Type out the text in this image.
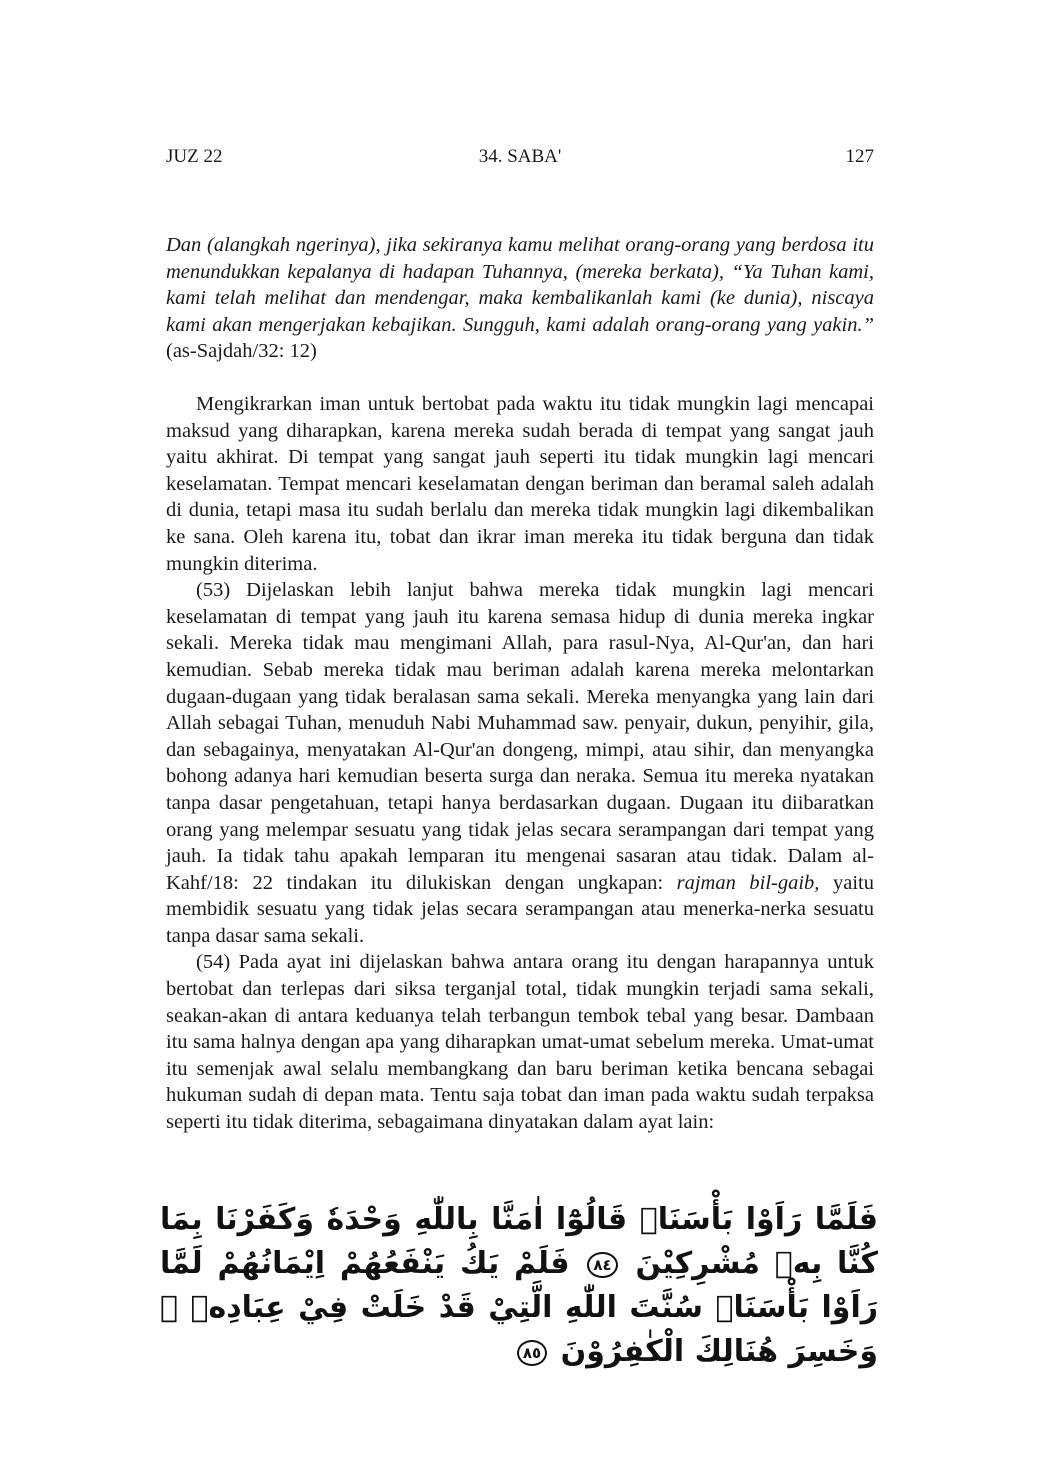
JUZ 22	34. SABA'	127
Dan (alangkah ngerinya), jika sekiranya kamu melihat orang-orang yang berdosa itu menundukkan kepalanya di hadapan Tuhannya, (mereka berkata), “Ya Tuhan kami, kami telah melihat dan mendengar, maka kembalikanlah kami (ke dunia), niscaya kami akan mengerjakan kebajikan. Sungguh, kami adalah orang-orang yang yakin.” (as-Sajdah/32: 12)

Mengikrarkan iman untuk bertobat pada waktu itu tidak mungkin lagi mencapai maksud yang diharapkan, karena mereka sudah berada di tempat yang sangat jauh yaitu akhirat. Di tempat yang sangat jauh seperti itu tidak mungkin lagi mencari keselamatan. Tempat mencari keselamatan dengan beriman dan beramal saleh adalah di dunia, tetapi masa itu sudah berlalu dan mereka tidak mungkin lagi dikembalikan ke sana. Oleh karena itu, tobat dan ikrar iman mereka itu tidak berguna dan tidak mungkin diterima.

(53) Dijelaskan lebih lanjut bahwa mereka tidak mungkin lagi mencari keselamatan di tempat yang jauh itu karena semasa hidup di dunia mereka ingkar sekali. Mereka tidak mau mengimani Allah, para rasul-Nya, Al-Qur'an, dan hari kemudian. Sebab mereka tidak mau beriman adalah karena mereka melontarkan dugaan-dugaan yang tidak beralasan sama sekali. Mereka menyangka yang lain dari Allah sebagai Tuhan, menuduh Nabi Muhammad saw. penyair, dukun, penyihir, gila, dan sebagainya, menyatakan Al-Qur'an dongeng, mimpi, atau sihir, dan menyangka bohong adanya hari kemudian beserta surga dan neraka. Semua itu mereka nyatakan tanpa dasar pengetahuan, tetapi hanya berdasarkan dugaan. Dugaan itu diibaratkan orang yang melempar sesuatu yang tidak jelas secara serampangan dari tempat yang jauh. Ia tidak tahu apakah lemparan itu mengenai sasaran atau tidak. Dalam al-Kahf/18: 22 tindakan itu dilukiskan dengan ungkapan: rajman bil-gaib, yaitu membidik sesuatu yang tidak jelas secara serampangan atau menerka-nerka sesuatu tanpa dasar sama sekali.

(54) Pada ayat ini dijelaskan bahwa antara orang itu dengan harapannya untuk bertobat dan terlepas dari siksa terganjal total, tidak mungkin terjadi sama sekali, seakan-akan di antara keduanya telah terbangun tembok tebal yang besar. Dambaan itu sama halnya dengan apa yang diharapkan umat-umat sebelum mereka. Umat-umat itu semenjak awal selalu membangkang dan baru beriman ketika bencana sebagai hukuman sudah di depan mata. Tentu saja tobat dan iman pada waktu sudah terpaksa seperti itu tidak diterima, sebagaimana dinyatakan dalam ayat lain:

فَلَمَّا رَاَوْا بَأْسَنَاۗ قَالُوْٓا اٰمَنَّا بِاللّٰهِ وَحْدَهٗ وَكَفَرْنَا بِمَا كُنَّا بِهٖ مُشْرِكِيْنَ ٨٤ فَلَمْ يَكُ يَنْفَعُهُمْ اِيْمَانُهُمْ لَمَّا رَاَوْا بَأْسَنَاۗ سُنَّتَ اللّٰهِ الَّتِيْ قَدْ خَلَتْ فِيْ عِبَادِهٖ ۚ وَخَسِرَ هُنَالِكَ الْكٰفِرُوْنَ ٨٥
